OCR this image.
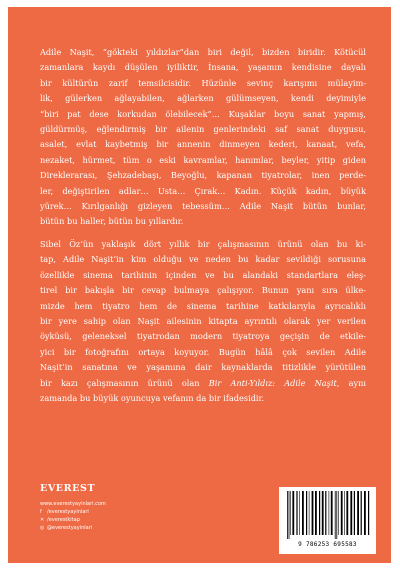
Adile Naşit, “gökteki yıldızlar”dan biri değil, bizden biridir. Kötücül
zamanlara kaydı düşülen iyiliktir, İnsana, yaşamın kendisine dayalı
bir kültürün zarif temsilcisidir. Hüzünle sevinç karışımı mülayim-
lik, gülerken ağlayabilen, ağlarken gülümseyen, kendi deyimiyle
“biri pat dese korkudan ölebilecek”… Kuşaklar boyu sanat yapmış,
güldürmüş, eğlendirmiş bir ailenin genlerindeki saf sanat duygusu,
asalet, evlat kaybetmiş bir annenin dinmeyen kederi, kanaat, vefa,
nezaket, hürmet, tüm o eski kavramlar, hanımlar, beyler, yitip giden
Direklerarası, Şehzadebaşı, Beyoğlu, kapanan tiyatrolar, inen perde-
ler, değiştirilen adlar… Usta… Çırak… Kadın. Küçük kadın, büyük
yürek… Kırılganlığı gizleyen tebessüm… Adile Naşit bütün bunlar,
bütün bu haller, bütün bu yıllardır.
Sibel Öz’ün yaklaşık dört yıllık bir çalışmasının ürünü olan bu ki-
tap, Adile Naşit’in kim olduğu ve neden bu kadar sevildiği sorusuna
özellikle sinema tarihinin içinden ve bu alandaki standartlara eleş-
tirel bir bakışla bir cevap bulmaya çalışıyor. Bunun yanı sıra ülke-
mizde hem tiyatro hem de sinema tarihine katkılarıyla ayrıcalıklı
bir yere sahip olan Naşit ailesinin kitapta ayrıntılı olarak yer verilen
öyküsü, geleneksel tiyatrodan modern tiyatroya geçişin de etkile-
yici bir fotoğrafını ortaya koyuyor. Bugün hâlâ çok sevilen Adile
Naşit’in sanatına ve yaşamına dair kaynaklarda titizlikle yürütülen
bir kazı çalışmasının ürünü olan Bir Anti-Yıldız: Adile Naşit, aynı
zamanda bu büyük oyuncuya vefanın da bir ifadesidir.
EVEREST
www.everestyayinlari.com
f	/everestyayinlari
✕ /everestkitap
◎ @everestyayinlari
9 786253 695583
